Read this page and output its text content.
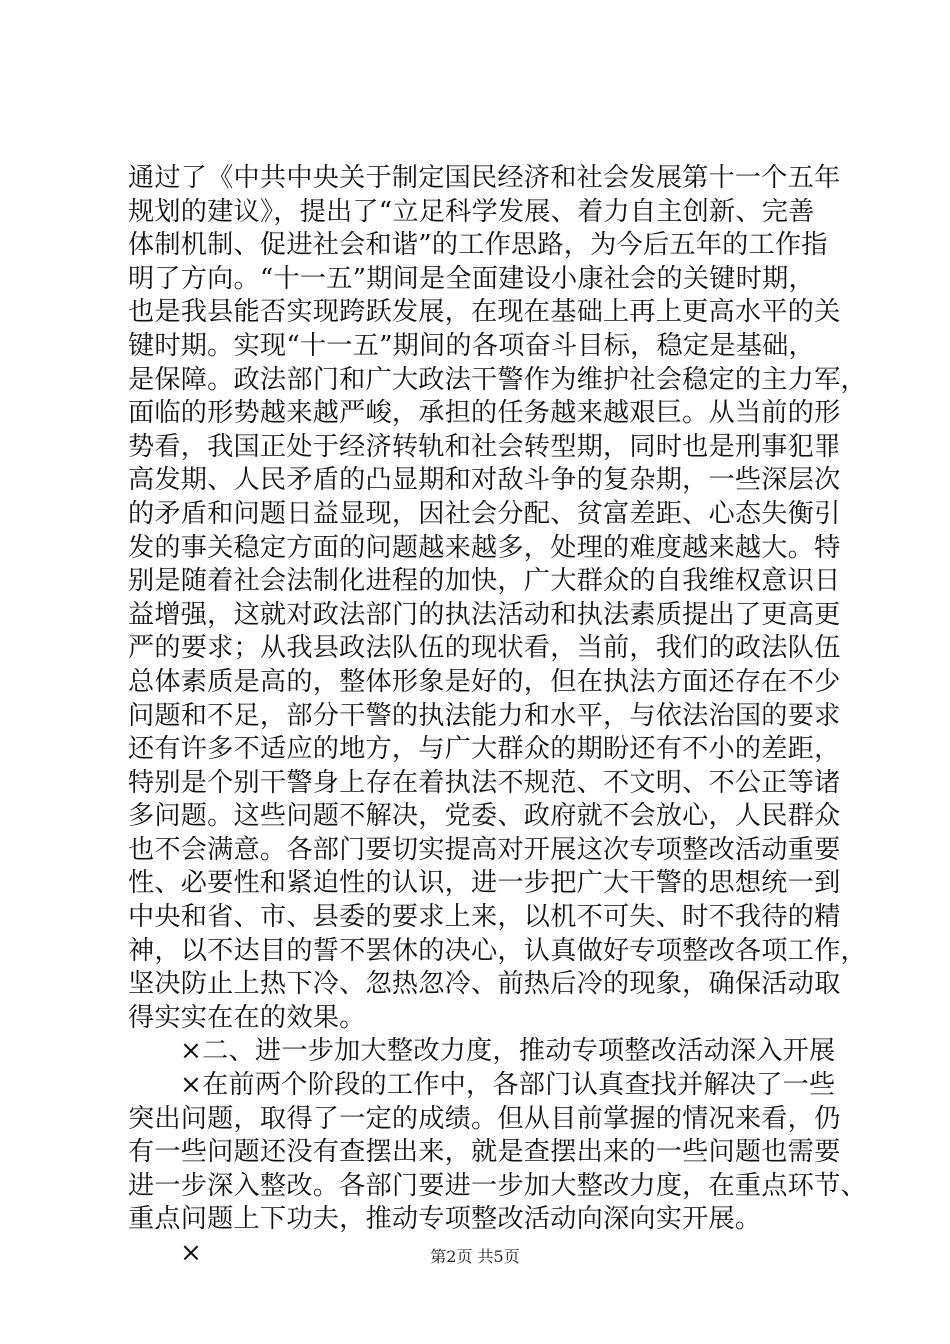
通过了《中共中央关于制定国民经济和社会发展第十一个五年
规划的建议》，提出了“立足科学发展、着力自主创新、完善
体制机制、促进社会和谐”的工作思路，为今后五年的工作指
明了方向。“十一五”期间是全面建设小康社会的关键时期，
也是我县能否实现跨跃发展，在现在基础上再上更高水平的关
键时期。实现“十一五”期间的各项奋斗目标，稳定是基础，
是保障。政法部门和广大政法干警作为维护社会稳定的主力军，
面临的形势越来越严峻，承担的任务越来越艰巨。从当前的形
势看，我国正处于经济转轨和社会转型期，同时也是刑事犯罪
高发期、人民矛盾的凸显期和对敌斗争的复杂期，一些深层次
的矛盾和问题日益显现，因社会分配、贫富差距、心态失衡引
发的事关稳定方面的问题越来越多，处理的难度越来越大。特
别是随着社会法制化进程的加快，广大群众的自我维权意识日
益增强，这就对政法部门的执法活动和执法素质提出了更高更
严的要求；从我县政法队伍的现状看，当前，我们的政法队伍
总体素质是高的，整体形象是好的，但在执法方面还存在不少
问题和不足，部分干警的执法能力和水平，与依法治国的要求
还有许多不适应的地方，与广大群众的期盼还有不小的差距，
特别是个别干警身上存在着执法不规范、不文明、不公正等诸
多问题。这些问题不解决，党委、政府就不会放心，人民群众
也不会满意。各部门要切实提高对开展这次专项整改活动重要
性、必要性和紧迫性的认识，进一步把广大干警的思想统一到
中央和省、市、县委的要求上来，以机不可失、时不我待的精
神，以不达目的誓不罢休的决心，认真做好专项整改各项工作，
坚决防止上热下冷、忽热忽冷、前热后冷的现象，确保活动取
得实实在在的效果。
×二、进一步加大整改力度，推动专项整改活动深入开展
×在前两个阶段的工作中，各部门认真查找并解决了一些
突出问题，取得了一定的成绩。但从目前掌握的情况来看，仍
有一些问题还没有查摆出来，就是查摆出来的一些问题也需要
进一步深入整改。各部门要进一步加大整改力度，在重点环节、
重点问题上下功夫，推动专项整改活动向深向实开展。
×	第2页 共5页
